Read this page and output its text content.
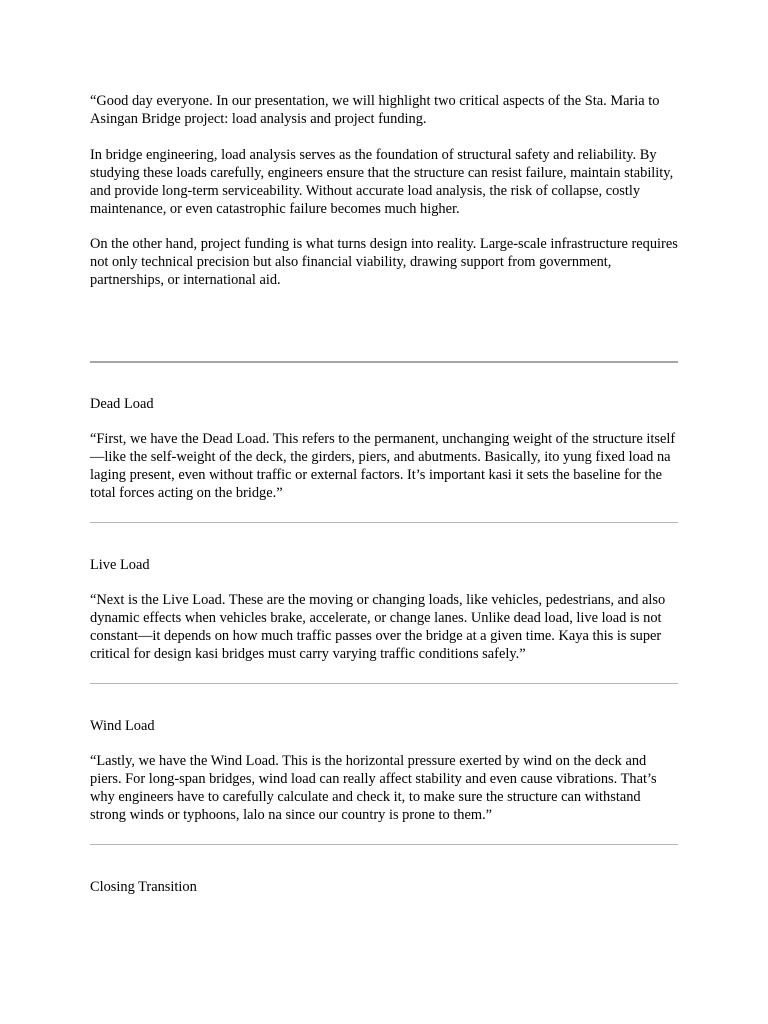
“Good day everyone. In our presentation, we will highlight two critical aspects of the Sta. Maria to Asingan Bridge project: load analysis and project funding.

In bridge engineering, load analysis serves as the foundation of structural safety and reliability. By studying these loads carefully, engineers ensure that the structure can resist failure, maintain stability, and provide long-term serviceability. Without accurate load analysis, the risk of collapse, costly maintenance, or even catastrophic failure becomes much higher.

On the other hand, project funding is what turns design into reality. Large-scale infrastructure requires not only technical precision but also financial viability, drawing support from government, partnerships, or international aid.

Dead Load

“First, we have the Dead Load. This refers to the permanent, unchanging weight of the structure itself—like the self-weight of the deck, the girders, piers, and abutments. Basically, ito yung fixed load na laging present, even without traffic or external factors. It’s important kasi it sets the baseline for the total forces acting on the bridge.”

Live Load

“Next is the Live Load. These are the moving or changing loads, like vehicles, pedestrians, and also dynamic effects when vehicles brake, accelerate, or change lanes. Unlike dead load, live load is not constant—it depends on how much traffic passes over the bridge at a given time. Kaya this is super critical for design kasi bridges must carry varying traffic conditions safely.”

Wind Load

“Lastly, we have the Wind Load. This is the horizontal pressure exerted by wind on the deck and piers. For long-span bridges, wind load can really affect stability and even cause vibrations. That’s why engineers have to carefully calculate and check it, to make sure the structure can withstand strong winds or typhoons, lalo na since our country is prone to them.”

Closing Transition
